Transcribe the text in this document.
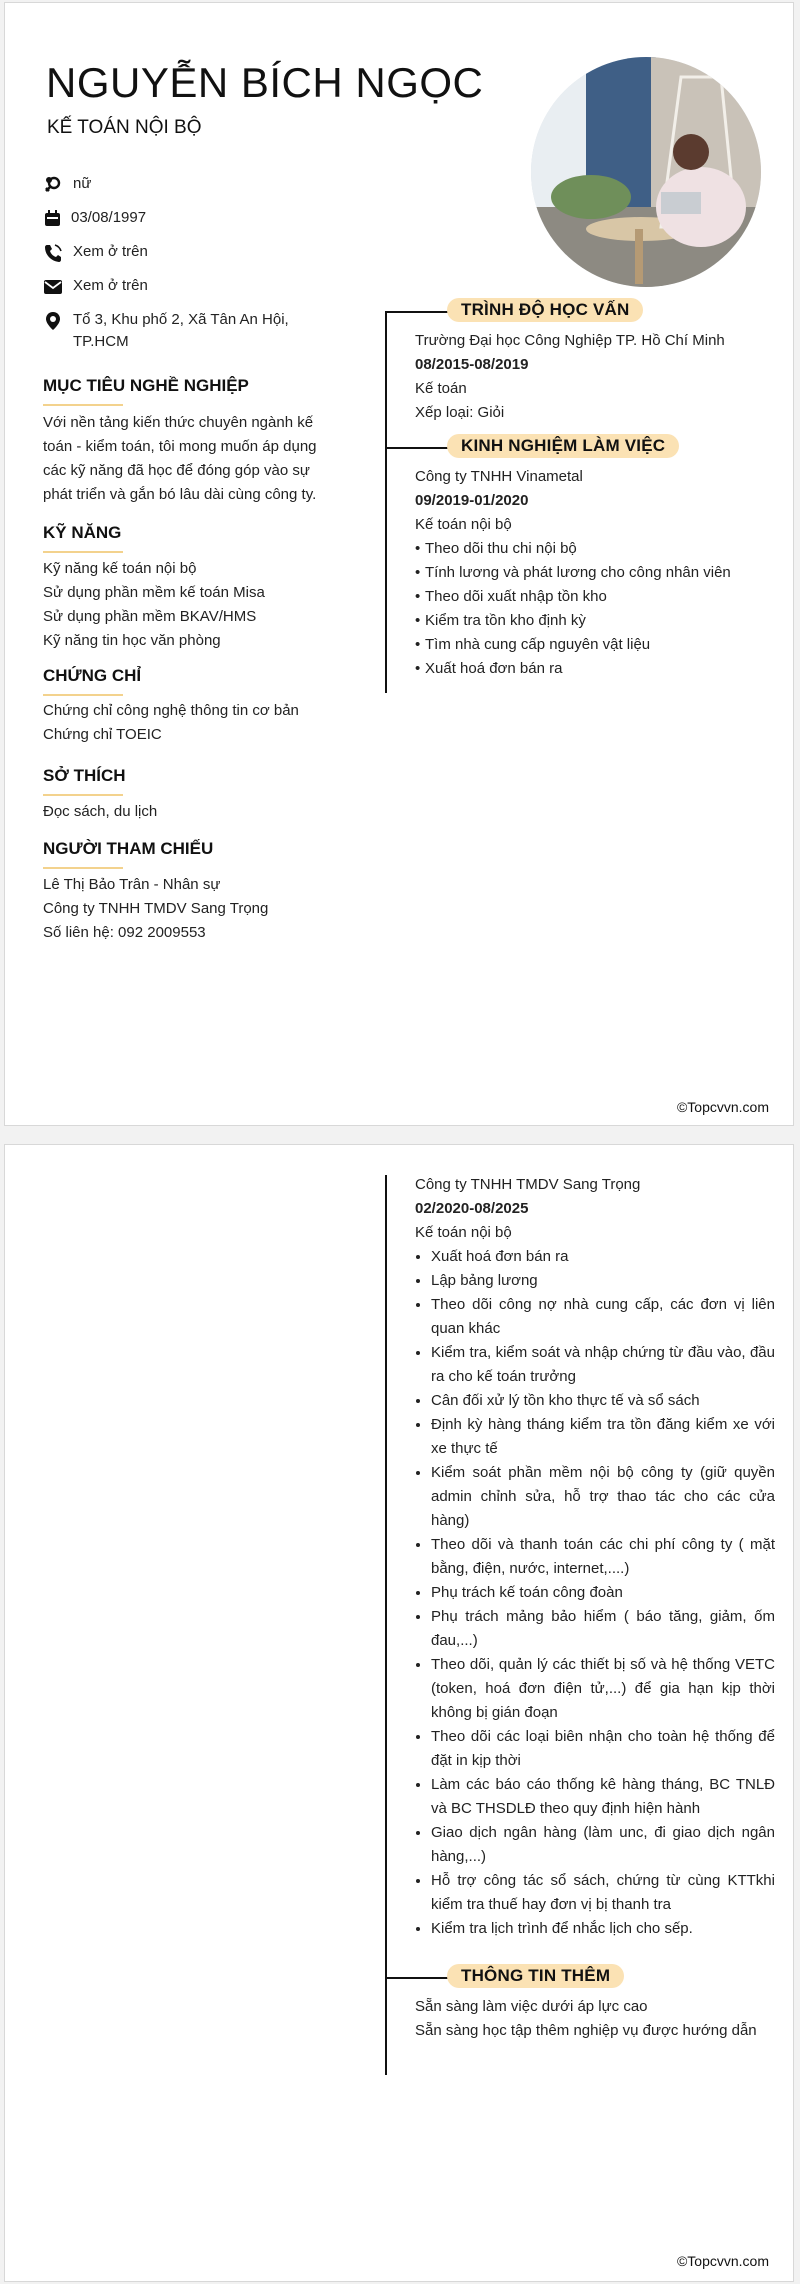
NGUYỄN BÍCH NGỌC
KẾ TOÁN NỘI BỘ
nữ
03/08/1997
Xem ở trên
Xem ở trên
Tổ 3, Khu phố 2, Xã Tân An Hội,
TP.HCM
MỤC TIÊU NGHỀ NGHIỆP
Với nền tảng kiến thức chuyên ngành kế
toán - kiểm toán, tôi mong muốn áp dụng
các kỹ năng đã học để đóng góp vào sự
phát triển và gắn bó lâu dài cùng công ty.
KỸ NĂNG
Kỹ năng kế toán nội bộ
Sử dụng phần mềm kế toán Misa
Sử dụng phần mềm BKAV/HMS
Kỹ năng tin học văn phòng
CHỨNG CHỈ
Chứng chỉ công nghệ thông tin cơ bản
Chứng chỉ TOEIC
SỞ THÍCH
Đọc sách, du lịch
NGƯỜI THAM CHIẾU
Lê Thị Bảo Trân - Nhân sự
Công ty TNHH TMDV Sang Trọng
Số liên hệ: 092 2009553
TRÌNH ĐỘ HỌC VẤN
Trường Đại học Công Nghiệp TP. Hồ Chí Minh
08/2015-08/2019
Kế toán
Xếp loại: Giỏi
KINH NGHIỆM LÀM VIỆC
Công ty TNHH Vinametal
09/2019-01/2020
Kế toán nội bộ
• Theo dõi thu chi nội bộ
• Tính lương và phát lương cho công nhân viên
• Theo dõi xuất nhập tồn kho
• Kiểm tra tồn kho định kỳ
• Tìm nhà cung cấp nguyên vật liệu
• Xuất hoá đơn bán ra
©Topcvvn.com
Công ty TNHH TMDV Sang Trọng
02/2020-08/2025
Kế toán nội bộ
• Xuất hoá đơn bán ra
• Lập bảng lương
• Theo dõi công nợ nhà cung cấp, các đơn vị liên quan khác
• Kiểm tra, kiểm soát và nhập chứng từ đầu vào, đầu ra cho kế toán trưởng
• Cân đối xử lý tồn kho thực tế và sổ sách
• Định kỳ hàng tháng kiểm tra tồn đăng kiểm xe với xe thực tế
• Kiểm soát phần mềm nội bộ công ty (giữ quyền admin chỉnh sửa, hỗ trợ thao tác cho các cửa hàng)
• Theo dõi và thanh toán các chi phí công ty ( mặt bằng, điện, nước, internet,....)
• Phụ trách kế toán công đoàn
• Phụ trách mảng bảo hiểm ( báo tăng, giảm, ốm đau,...)
• Theo dõi, quản lý các thiết bị số và hệ thống VETC (token, hoá đơn điện tử,...) để gia hạn kịp thời không bị gián đoạn
• Theo dõi các loại biên nhận cho toàn hệ thống để đặt in kịp thời
• Làm các báo cáo thống kê hàng tháng, BC TNLĐ và BC THSDLĐ theo quy định hiện hành
• Giao dịch ngân hàng (làm unc, đi giao dịch ngân hàng,...)
• Hỗ trợ công tác sổ sách, chứng từ cùng KTTkhi kiểm tra thuế hay đơn vị bị thanh tra
• Kiểm tra lịch trình để nhắc lịch cho sếp.
THÔNG TIN THÊM
Sẵn sàng làm việc dưới áp lực cao
Sẵn sàng học tập thêm nghiệp vụ được hướng dẫn
©Topcvvn.com
